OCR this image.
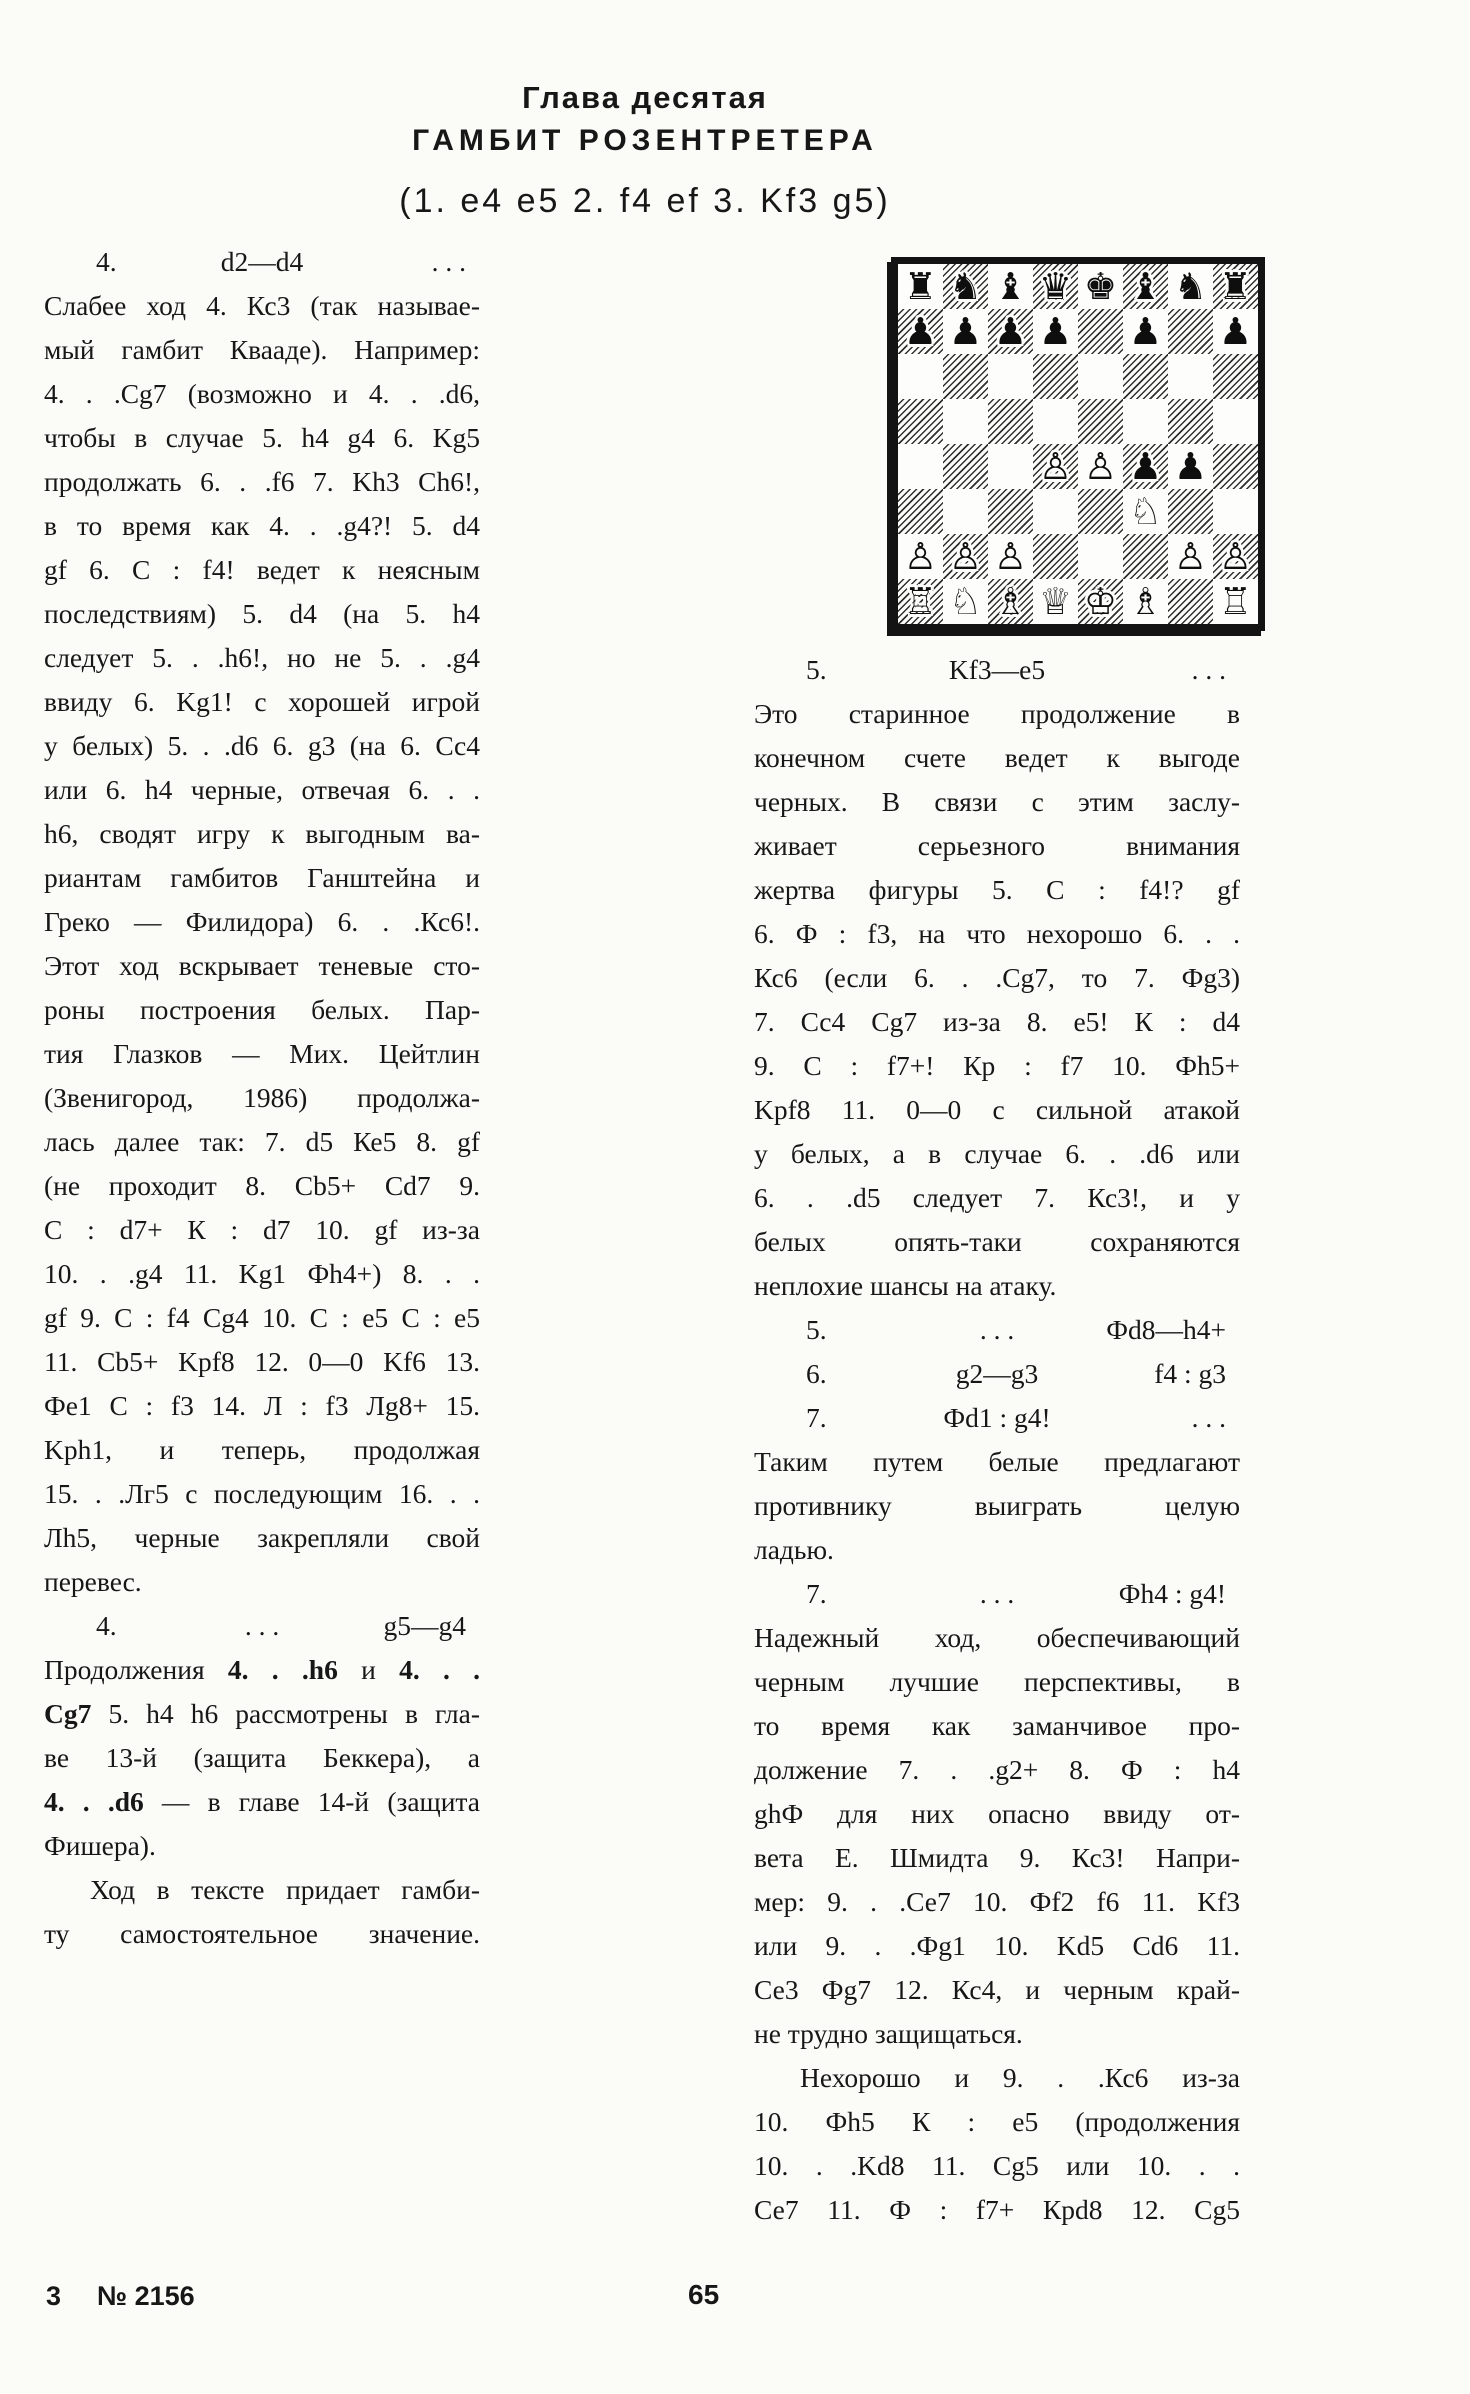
Глава десятая
ГАМБИТ РОЗЕНТРЕТЕРА
(1. e4 e5 2. f4 ef 3. Kf3 g5)
4.	d2—d4	. . .
Слабее ход 4. Кс3 (так называе-
мый гамбит Квааде). Например:
4. . .Cg7 (возможно и 4. . .d6,
чтобы в случае 5. h4 g4 6. Kg5
продолжать 6. . .f6 7. Kh3 Ch6!,
в то время как 4. . .g4?! 5. d4
gf 6. С : f4! ведет к неясным
последствиям) 5. d4 (на 5. h4
следует 5. . .h6!, но не 5. . .g4
ввиду 6. Kg1! с хорошей игрой
у белых) 5. . .d6 6. g3 (на 6. Сс4
или 6. h4 черные, отвечая 6. . .
h6, сводят игру к выгодным ва-
риантам гамбитов Ганштейна и
Греко — Филидора) 6. . .Кс6!.
Этот ход вскрывает теневые сто-
роны построения белых. Пар-
тия Глазков — Мих. Цейтлин
(Звенигород, 1986) продолжа-
лась далее так: 7. d5 Ке5 8. gf
(не проходит 8. Cb5+ Cd7 9.
С : d7+ К : d7 10. gf из-за
10. . .g4 11. Kg1 Фh4+) 8. . .
gf 9. С : f4 Cg4 10. С : е5 С : е5
11. Cb5+ Kpf8 12. 0—0 Kf6 13.
Фе1 С : f3 14. Л : f3 Лg8+ 15.
Kph1, и теперь, продолжая
15. . .Лг5 с последующим 16. . .
Лh5, черные закрепляли свой
перевес.
4.	. . .	g5—g4
Продолжения 4. . .h6 и 4. . .
Cg7 5. h4 h6 рассмотрены в гла-
ве 13-й (защита Беккера), а
4. . .d6 — в главе 14-й (защита
Фишера).
Ход в тексте придает гамби-
ту самостоятельное значение.
♜ ♞ ♝ ♛ ♚ ♝ ♞ ♜
♟ ♟ ♟ ♟ ♟ ♟
♙ ♙ ♟ ♟
♘
♙ ♙ ♙	♙ ♙
♖ ♘ ♗ ♕ ♔ ♗ ♖
5.	Kf3—e5	. . .
Это старинное продолжение в
конечном счете ведет к выгоде
черных. В связи с этим заслу-
живает серьезного внимания
жертва фигуры 5. С : f4!? gf
6. Ф : f3, на что нехорошо 6. . .
Кс6 (если 6. . .Cg7, то 7. Фg3)
7. Сс4 Cg7 из-за 8. е5! К : d4
9. С : f7+! Кр : f7 10. Фh5+
Kpf8 11. 0—0 с сильной атакой
у белых, а в случае 6. . .d6 или
6. . .d5 следует 7. Кс3!, и у
белых опять-таки сохраняются
неплохие шансы на атаку.
5.	. . .	Фd8—h4+
6.	g2—g3	f4 : g3
7.	Фd1 : g4!	. . .
Таким путем белые предлагают
противнику выиграть целую
ладью.
7.	. . .	Фh4 : g4!
Надежный ход, обеспечивающий
черным лучшие перспективы, в
то время как заманчивое про-
должение 7. . .g2+ 8. Ф : h4
ghФ для них опасно ввиду от-
вета Е. Шмидта 9. Кс3! Напри-
мер: 9. . .Се7 10. Фf2 f6 11. Kf3
или 9. . .Фg1 10. Kd5 Cd6 11.
Се3 Фg7 12. Кс4, и черным край-
не трудно защищаться.
Нехорошо и 9. . .Кс6 из-за
10. Фh5 К : е5 (продолжения
10. . .Kd8 11. Cg5 или 10. . .
Се7 11. Ф : f7+ Кpd8 12. Cg5
3 № 2156	65
